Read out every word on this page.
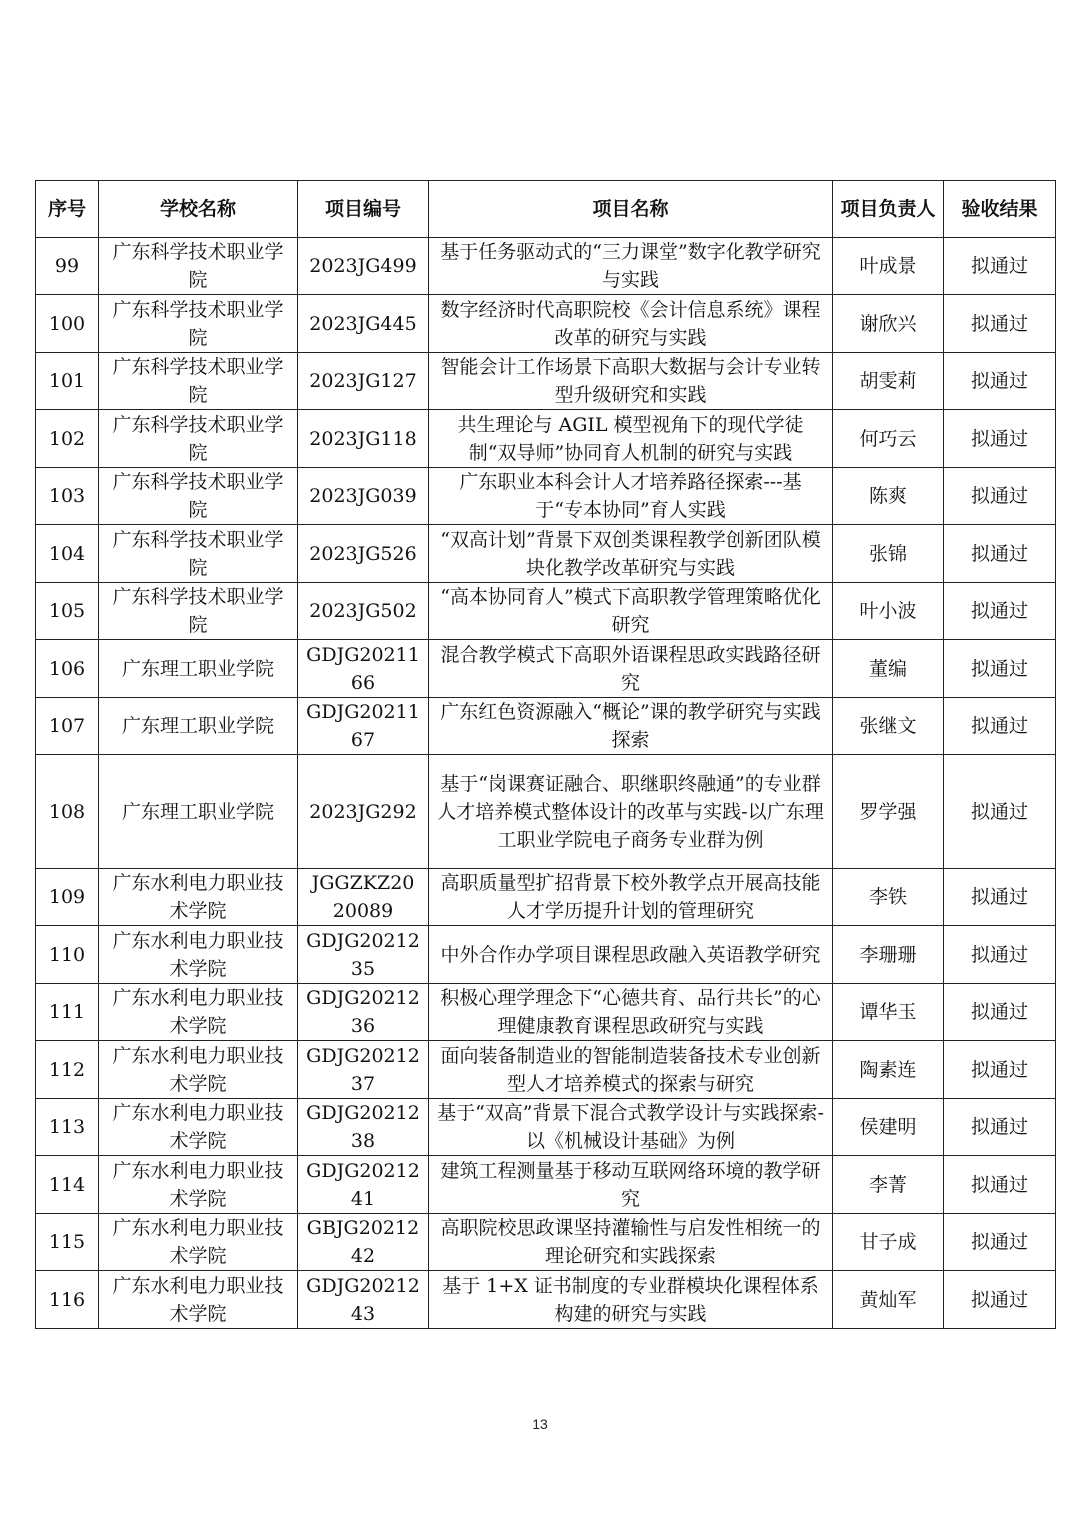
序号	学校名称	项目编号	项目名称	项目负责人	验收结果
99	广东科学技术职业学院	2023JG499	基于任务驱动式的“三力课堂”数字化教学研究与实践	叶成景	拟通过
100	广东科学技术职业学院	2023JG445	数字经济时代高职院校《会计信息系统》课程改革的研究与实践	谢欣兴	拟通过
101	广东科学技术职业学院	2023JG127	智能会计工作场景下高职大数据与会计专业转型升级研究和实践	胡雯莉	拟通过
102	广东科学技术职业学院	2023JG118	共生理论与 AGIL 模型视角下的现代学徒制“双导师”协同育人机制的研究与实践	何巧云	拟通过
103	广东科学技术职业学院	2023JG039	广东职业本科会计人才培养路径探索---基于“专本协同”育人实践	陈爽	拟通过
104	广东科学技术职业学院	2023JG526	“双高计划”背景下双创类课程教学创新团队模块化教学改革研究与实践	张锦	拟通过
105	广东科学技术职业学院	2023JG502	“高本协同育人”模式下高职教学管理策略优化研究	叶小波	拟通过
106	广东理工职业学院	GDJG2021166	混合教学模式下高职外语课程思政实践路径研究	董编	拟通过
107	广东理工职业学院	GDJG2021167	广东红色资源融入“概论”课的教学研究与实践探索	张继文	拟通过
108	广东理工职业学院	2023JG292	基于“岗课赛证融合、职继职终融通”的专业群人才培养模式整体设计的改革与实践-以广东理工职业学院电子商务专业群为例	罗学强	拟通过
109	广东水利电力职业技术学院	JGGZKZ2020089	高职质量型扩招背景下校外教学点开展高技能人才学历提升计划的管理研究	李铁	拟通过
110	广东水利电力职业技术学院	GDJG2021235	中外合作办学项目课程思政融入英语教学研究	李珊珊	拟通过
111	广东水利电力职业技术学院	GDJG2021236	积极心理学理念下“心德共育、品行共长”的心理健康教育课程思政研究与实践	谭华玉	拟通过
112	广东水利电力职业技术学院	GDJG2021237	面向装备制造业的智能制造装备技术专业创新型人才培养模式的探索与研究	陶素连	拟通过
113	广东水利电力职业技术学院	GDJG2021238	基于“双高”背景下混合式教学设计与实践探索-以《机械设计基础》为例	侯建明	拟通过
114	广东水利电力职业技术学院	GDJG2021241	建筑工程测量基于移动互联网络环境的教学研究	李菁	拟通过
115	广东水利电力职业技术学院	GBJG2021242	高职院校思政课坚持灌输性与启发性相统一的理论研究和实践探索	甘子成	拟通过
116	广东水利电力职业技术学院	GDJG2021243	基于 1+X 证书制度的专业群模块化课程体系构建的研究与实践	黄灿军	拟通过
13
